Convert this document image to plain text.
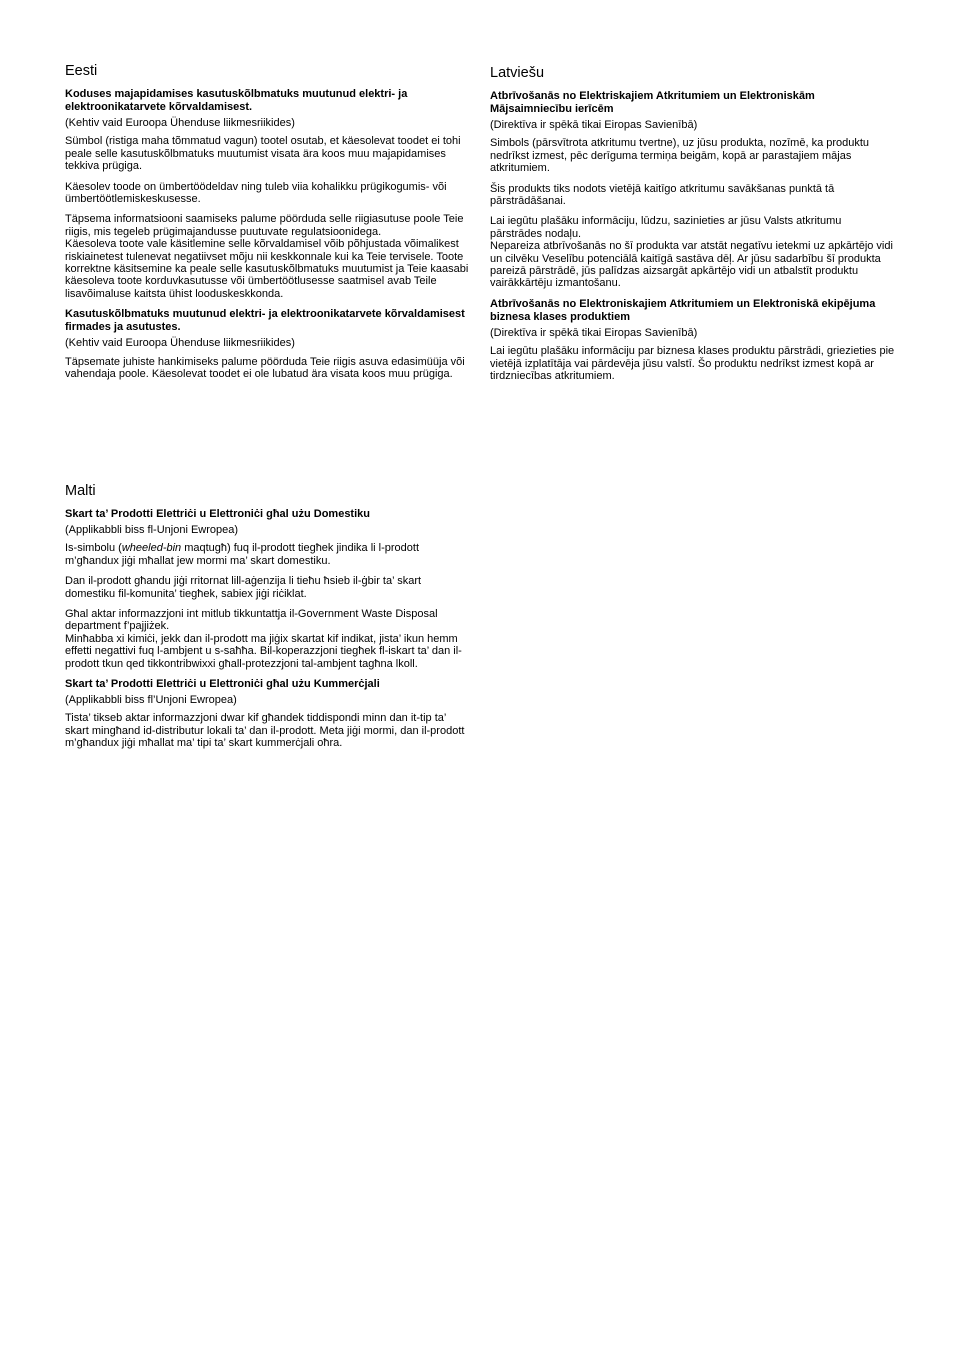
Eesti
Koduses majapidamises kasutuskõlbmatuks muutunud elektri- ja elektroonikatarvete kõrvaldamisest.

(Kehtiv vaid Euroopa Ühenduse liikmesriikides)

Sümbol (ristiga maha tõmmatud vagun) tootel osutab, et käesolevat toodet ei tohi peale selle kasutuskõlbmatuks muutumist visata ära koos muu majapidamises tekkiva prügiga.

Käesolev toode on ümbertöödeldav ning tuleb viia kohalikku prügikogumis- või ümbertöötlemiskeskusesse.

Täpsema informatsiooni saamiseks palume pöörduda selle riigiasutuse poole Teie riigis, mis tegeleb prügimajandusse puutuvate regulatsioonidega.

Käesoleva toote vale käsitlemine selle kõrvaldamisel võib põhjustada võimalikest riskiainetest tulenevat negatiivset mõju nii keskkonnale kui ka Teie tervisele. Toote korrektne käsitsemine ka peale selle kasutuskõlbmatuks muutumist ja Teie kaasabi käesoleva toote korduvkasutusse või ümbertöötlusesse saatmisel avab Teile lisavõimaluse kaitsta ühist looduskeskkonda.

Kasutuskõlbmatuks muutunud elektri- ja elektroonikatarvete kõrvaldamisest firmades ja asutustes.

(Kehtiv vaid Euroopa Ühenduse liikmesriikides)

Täpsemate juhiste hankimiseks palume pöörduda Teie riigis asuva edasimüüja või vahendaja poole. Käesolevat toodet ei ole lubatud ära visata koos muu prügiga.

Latviešu
Atbrīvošanās no Elektriskajiem Atkritumiem un Elektroniskām Mājsaimniecību ierīcēm

(Direktīva ir spēkā tikai Eiropas Savienībā)

Simbols (pārsvītrota atkritumu tvertne), uz jūsu produkta, nozīmē, ka produktu nedrīkst izmest, pēc derīguma termiņa beigām, kopā ar parastajiem mājas atkritumiem.

Šis produkts tiks nodots vietējā kaitīgo atkritumu savākšanas punktā tā pārstrādāšanai.

Lai iegūtu plašāku informāciju, lūdzu, sazinieties ar jūsu Valsts atkritumu pārstrādes nodaļu.

Nepareiza atbrīvošanās no šī produkta var atstāt negatīvu ietekmi uz apkārtējo vidi un cilvēku Veselību potenciālā kaitīgā sastāva dēļ. Ar jūsu sadarbību šī produkta pareizā pārstrādē, jūs palīdzas aizsargāt apkārtējo vidi un atbalstīt produktu vairākkārtēju izmantošanu.

Atbrīvošanās no Elektroniskajiem Atkritumiem un Elektroniskā ekipējuma biznesa klases produktiem

(Direktīva ir spēkā tikai Eiropas Savienībā)

Lai iegūtu plašāku informāciju par biznesa klases produktu pārstrādi, griezieties pie vietējā izplatītāja vai pārdevēja jūsu valstī. Šo produktu nedrīkst izmest kopā ar tirdzniecības atkritumiem.

Malti
Skart ta’ Prodotti Elettriċi u Elettroniċi għal użu Domestiku

(Applikabbli biss fl-Unjoni Ewropea)

Is-simbolu (wheeled-bin maqtugħ) fuq il-prodott tiegħek jindika li l-prodott m’għandux jiġi mħallat jew mormi ma’ skart domestiku.

Dan il-prodott għandu jiġi rritornat lill-aġenzija li tieħu ħsieb il-ġbir ta’ skart domestiku fil-komunita’ tiegħek, sabiex jiġi riċiklat.

Għal aktar informazzjoni int mitlub tikkuntattja il-Government Waste Disposal department f’pajjiżek.

Minħabba xi kimiċi, jekk dan il-prodott ma jiġix skartat kif indikat, jista’ ikun hemm effetti negattivi fuq l-ambjent u s-saħħa. Bil-koperazzjoni tiegħek fl-iskart ta’ dan il-prodott tkun qed tikkontribwixxi għall-protezzjoni tal-ambjent tagħna lkoll.

Skart ta’ Prodotti Elettriċi u Elettroniċi għal użu Kummerċjali

(Applikabbli biss fl’Unjoni Ewropea)

Tista’ tikseb aktar informazzjoni dwar kif għandek tiddispondi minn dan it-tip ta’ skart mingħand id-distributur lokali ta’ dan il-prodott. Meta jiġi mormi, dan il-prodott m’għandux jiġi mħallat ma’ tipi ta’ skart kummerċjali oħra.
